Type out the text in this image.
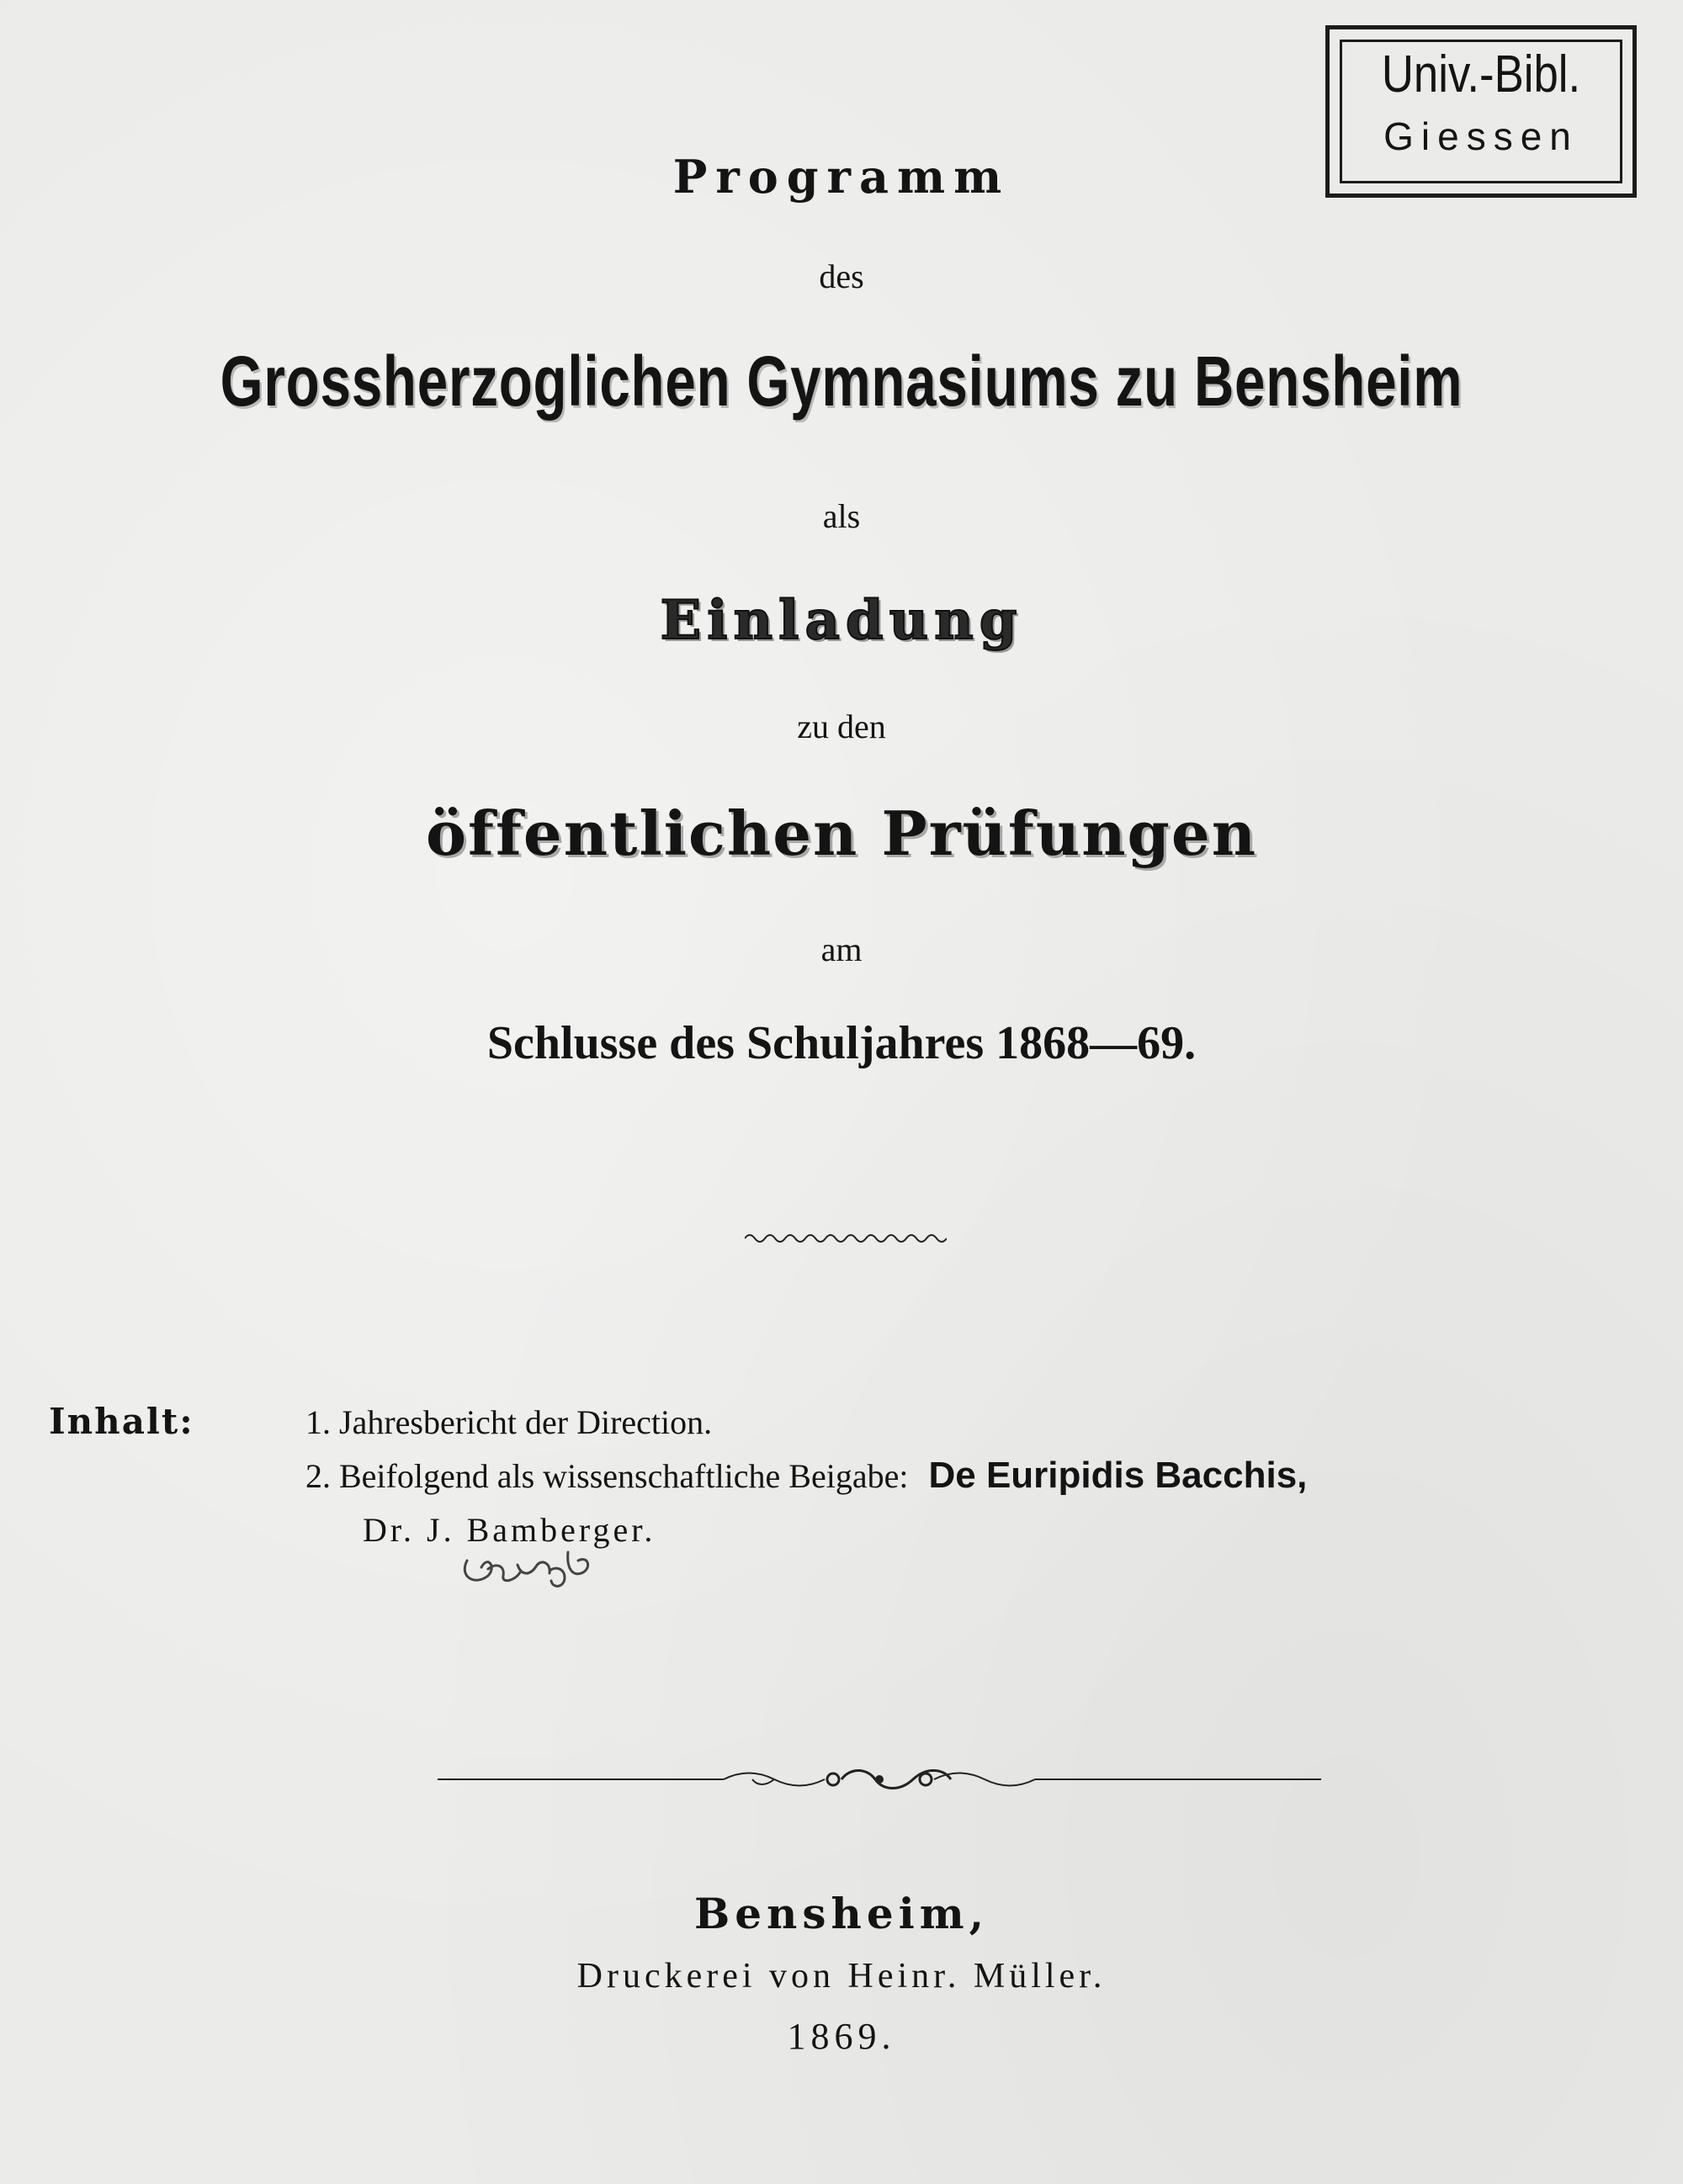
Univ.-Bibl.
Giessen
Programm
des
Grossherzoglichen Gymnasiums zu Bensheim
als
Einladung
zu den
öffentlichen Prüfungen
am
Schlusse des Schuljahres 1868—69.
Inhalt:	1. Jahresbericht der Direction.
2. Beifolgend als wissenschaftliche Beigabe: De Euripidis Bacchis,
Dr. J. Bamberger.
Bensheim,
Druckerei von Heinr. Müller.
1869.
